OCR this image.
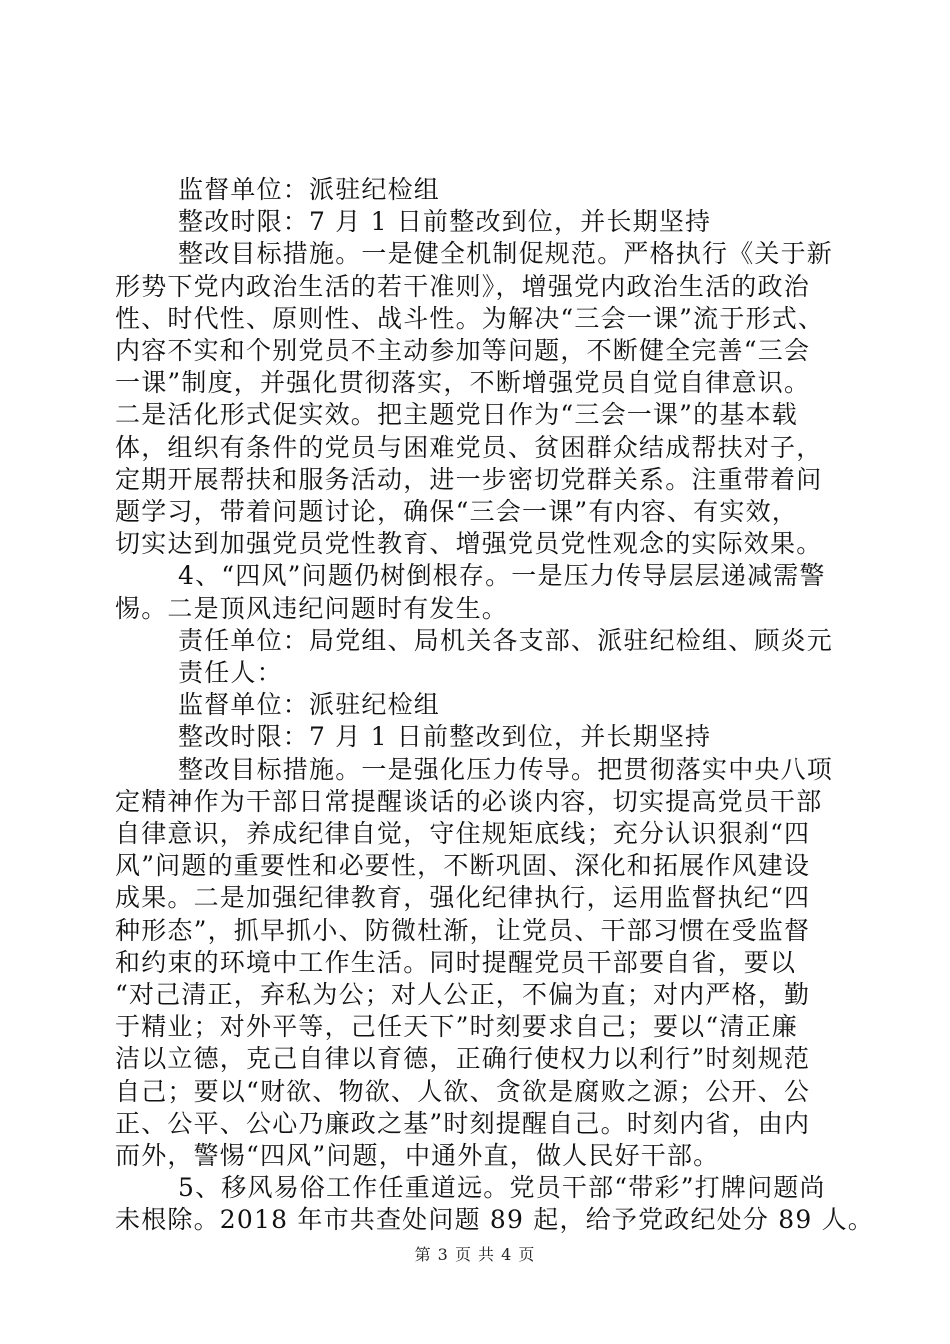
监督单位：派驻纪检组
整改时限：7 月 1 日前整改到位，并长期坚持
整改目标措施。一是健全机制促规范。严格执行《关于新
形势下党内政治生活的若干准则》，增强党内政治生活的政治
性、时代性、原则性、战斗性。为解决“三会一课”流于形式、
内容不实和个别党员不主动参加等问题，不断健全完善“三会
一课”制度，并强化贯彻落实，不断增强党员自觉自律意识。
二是活化形式促实效。把主题党日作为“三会一课”的基本载
体，组织有条件的党员与困难党员、贫困群众结成帮扶对子，
定期开展帮扶和服务活动，进一步密切党群关系。注重带着问
题学习，带着问题讨论，确保“三会一课”有内容、有实效，
切实达到加强党员党性教育、增强党员党性观念的实际效果。
4、“四风”问题仍树倒根存。一是压力传导层层递减需警
惕。二是顶风违纪问题时有发生。
责任单位：局党组、局机关各支部、派驻纪检组、顾炎元
责任人：
监督单位：派驻纪检组
整改时限：7 月 1 日前整改到位，并长期坚持
整改目标措施。一是强化压力传导。把贯彻落实中央八项
定精神作为干部日常提醒谈话的必谈内容，切实提高党员干部
自律意识，养成纪律自觉，守住规矩底线；充分认识狠刹“四
风”问题的重要性和必要性，不断巩固、深化和拓展作风建设
成果。二是加强纪律教育，强化纪律执行，运用监督执纪“四
种形态”，抓早抓小、防微杜渐，让党员、干部习惯在受监督
和约束的环境中工作生活。同时提醒党员干部要自省，要以
“对己清正，弃私为公；对人公正，不偏为直；对内严格，勤
于精业；对外平等，己任天下”时刻要求自己；要以“清正廉
洁以立德，克己自律以育德，正确行使权力以利行”时刻规范
自己；要以“财欲、物欲、人欲、贪欲是腐败之源；公开、公
正、公平、公心乃廉政之基”时刻提醒自己。时刻内省，由内
而外，警惕“四风”问题，中通外直，做人民好干部。
5、移风易俗工作任重道远。党员干部“带彩”打牌问题尚
未根除。2018 年市共查处问题 89 起，给予党政纪处分 89 人。
第 3 页 共 4 页
